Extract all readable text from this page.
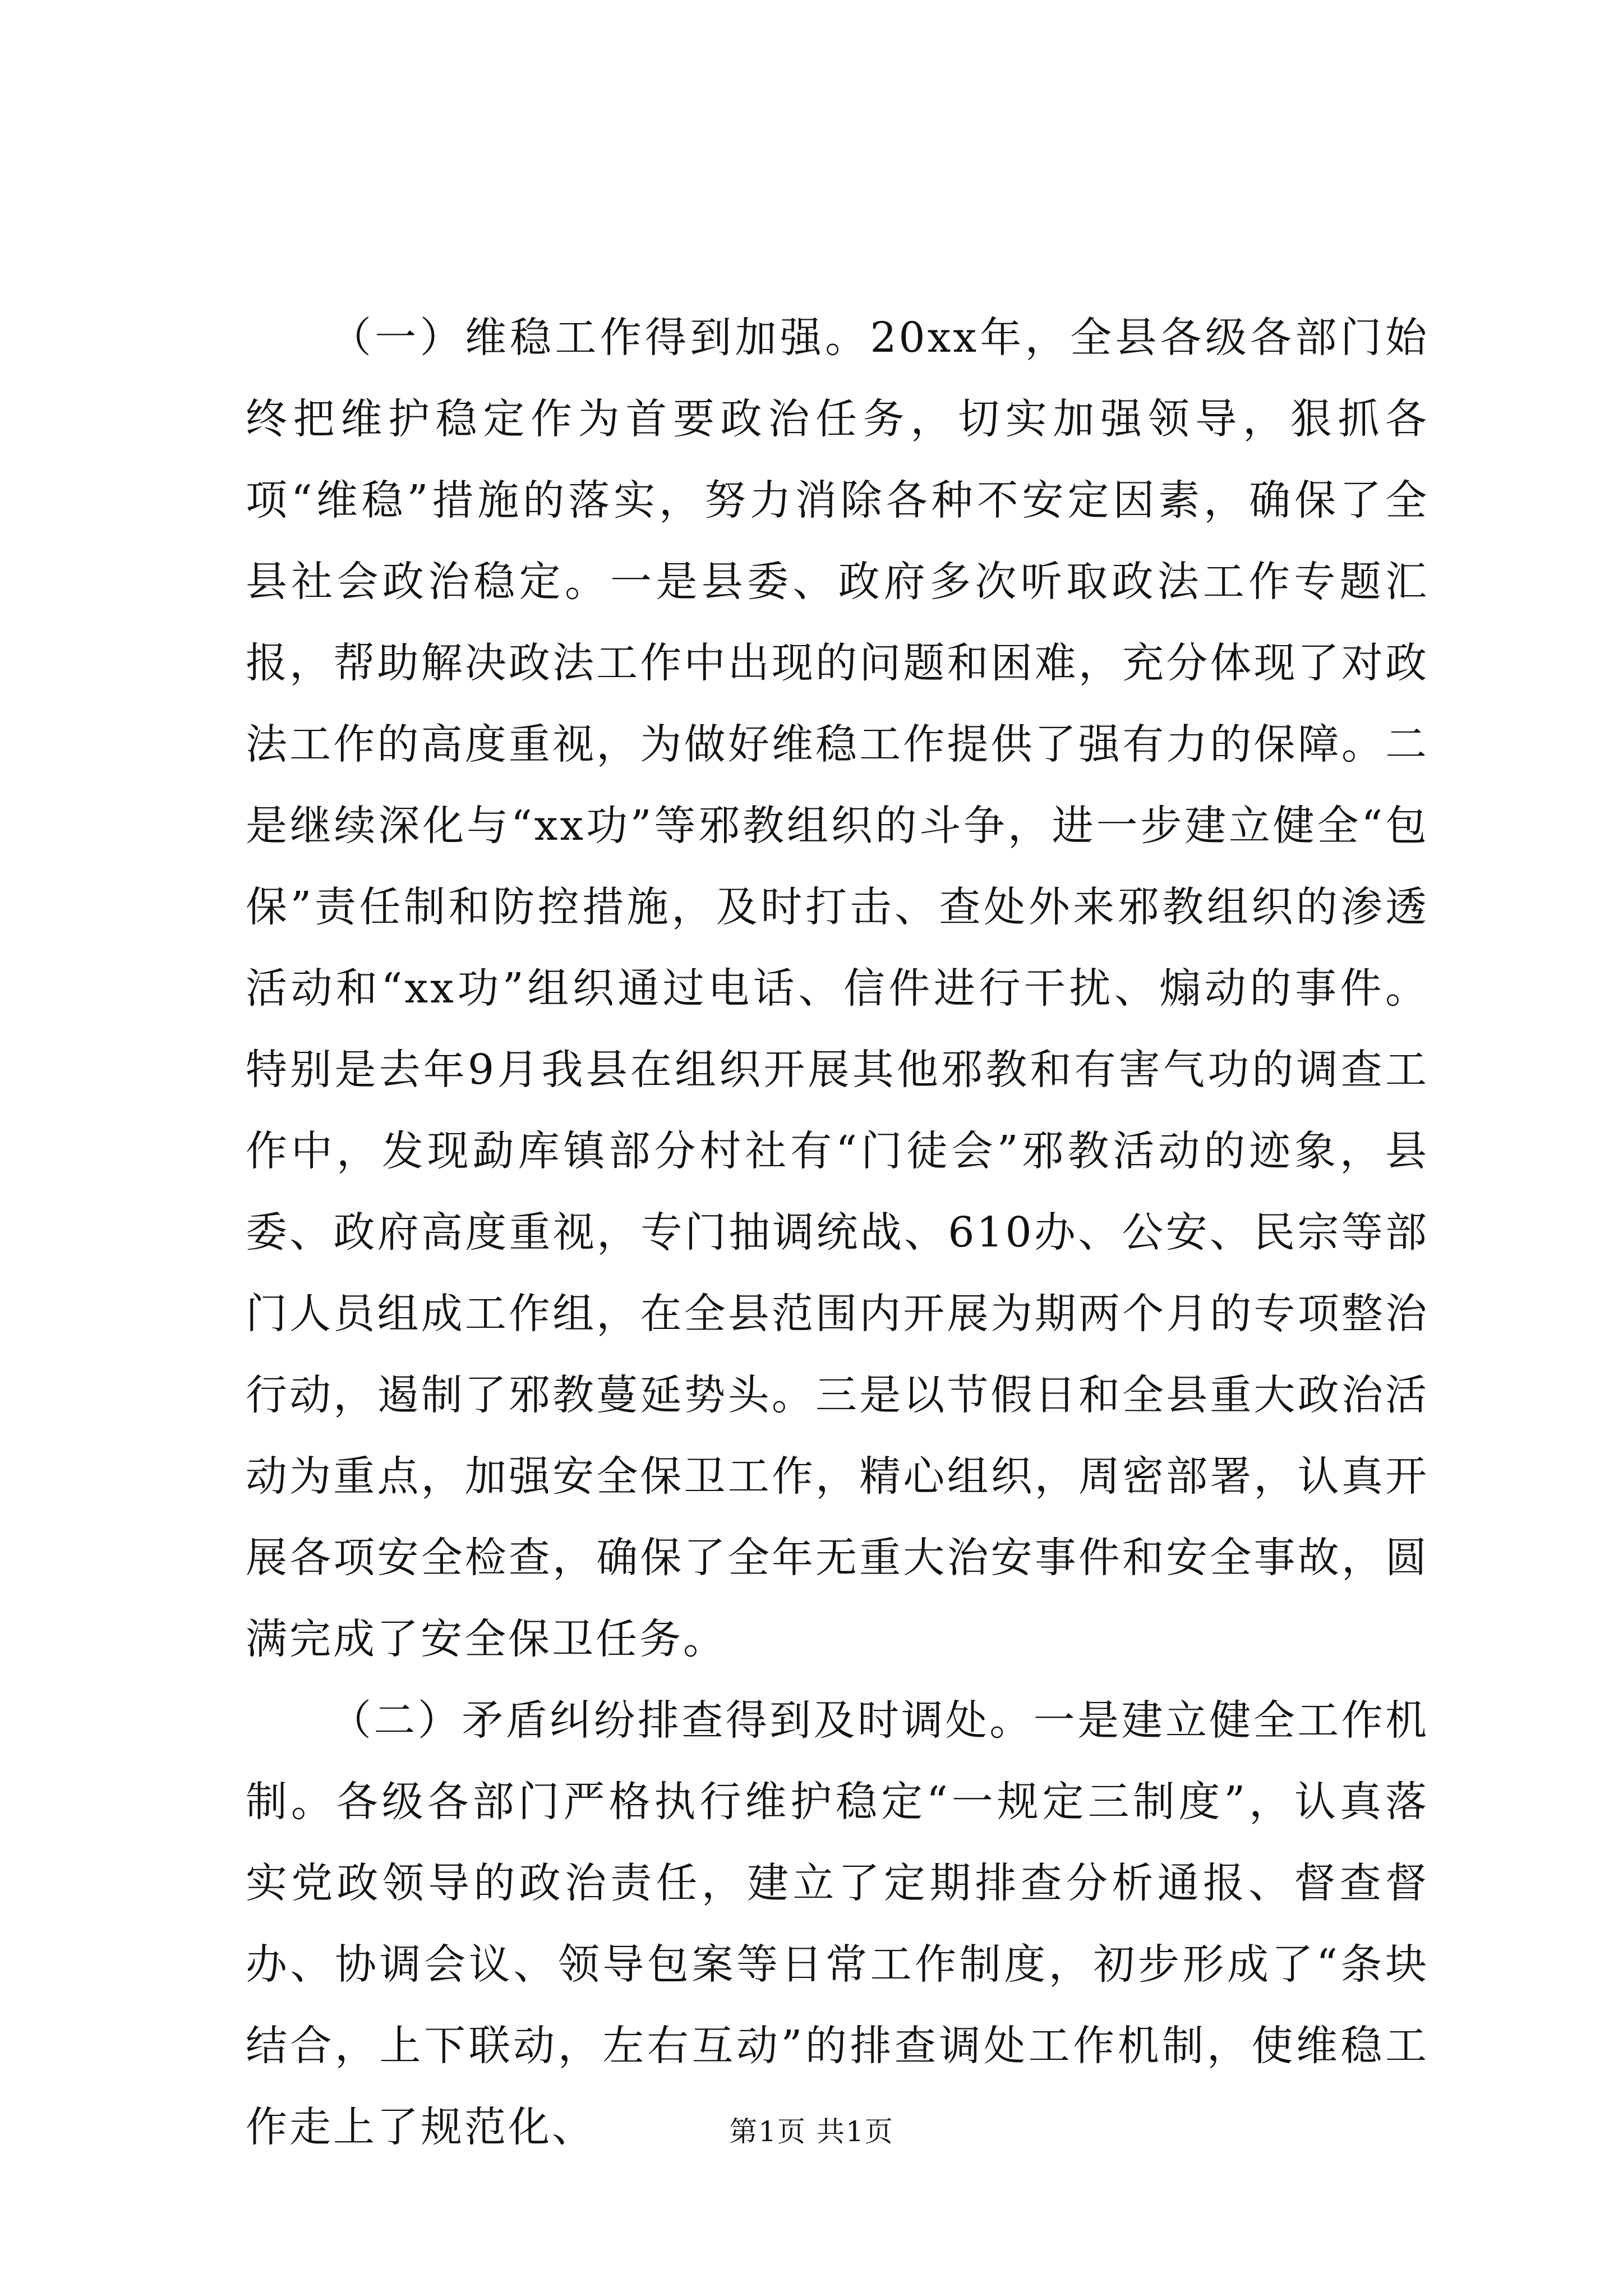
（一）维稳工作得到加强。20xx年，全县各级各部门始终把维护稳定作为首要政治任务，切实加强领导，狠抓各项“维稳”措施的落实，努力消除各种不安定因素，确保了全县社会政治稳定。一是县委、政府多次听取政法工作专题汇报，帮助解决政法工作中出现的问题和困难，充分体现了对政法工作的高度重视，为做好维稳工作提供了强有力的保障。二是继续深化与“xx功”等邪教组织的斗争，进一步建立健全“包保”责任制和防控措施，及时打击、查处外来邪教组织的渗透活动和“xx功”组织通过电话、信件进行干扰、煽动的事件。特别是去年9月我县在组织开展其他邪教和有害气功的调查工作中，发现勐库镇部分村社有“门徒会”邪教活动的迹象，县委、政府高度重视，专门抽调统战、610办、公安、民宗等部门人员组成工作组，在全县范围内开展为期两个月的专项整治行动，遏制了邪教蔓延势头。三是以节假日和全县重大政治活动为重点，加强安全保卫工作，精心组织，周密部署，认真开展各项安全检查，确保了全年无重大治安事件和安全事故，圆满完成了安全保卫任务。

（二）矛盾纠纷排查得到及时调处。一是建立健全工作机制。各级各部门严格执行维护稳定“一规定三制度”，认真落实党政领导的政治责任，建立了定期排查分析通报、督查督办、协调会议、领导包案等日常工作制度，初步形成了“条块结合，上下联动，左右互动”的排查调处工作机制，使维稳工作走上了规范化、	第1页 共1页
